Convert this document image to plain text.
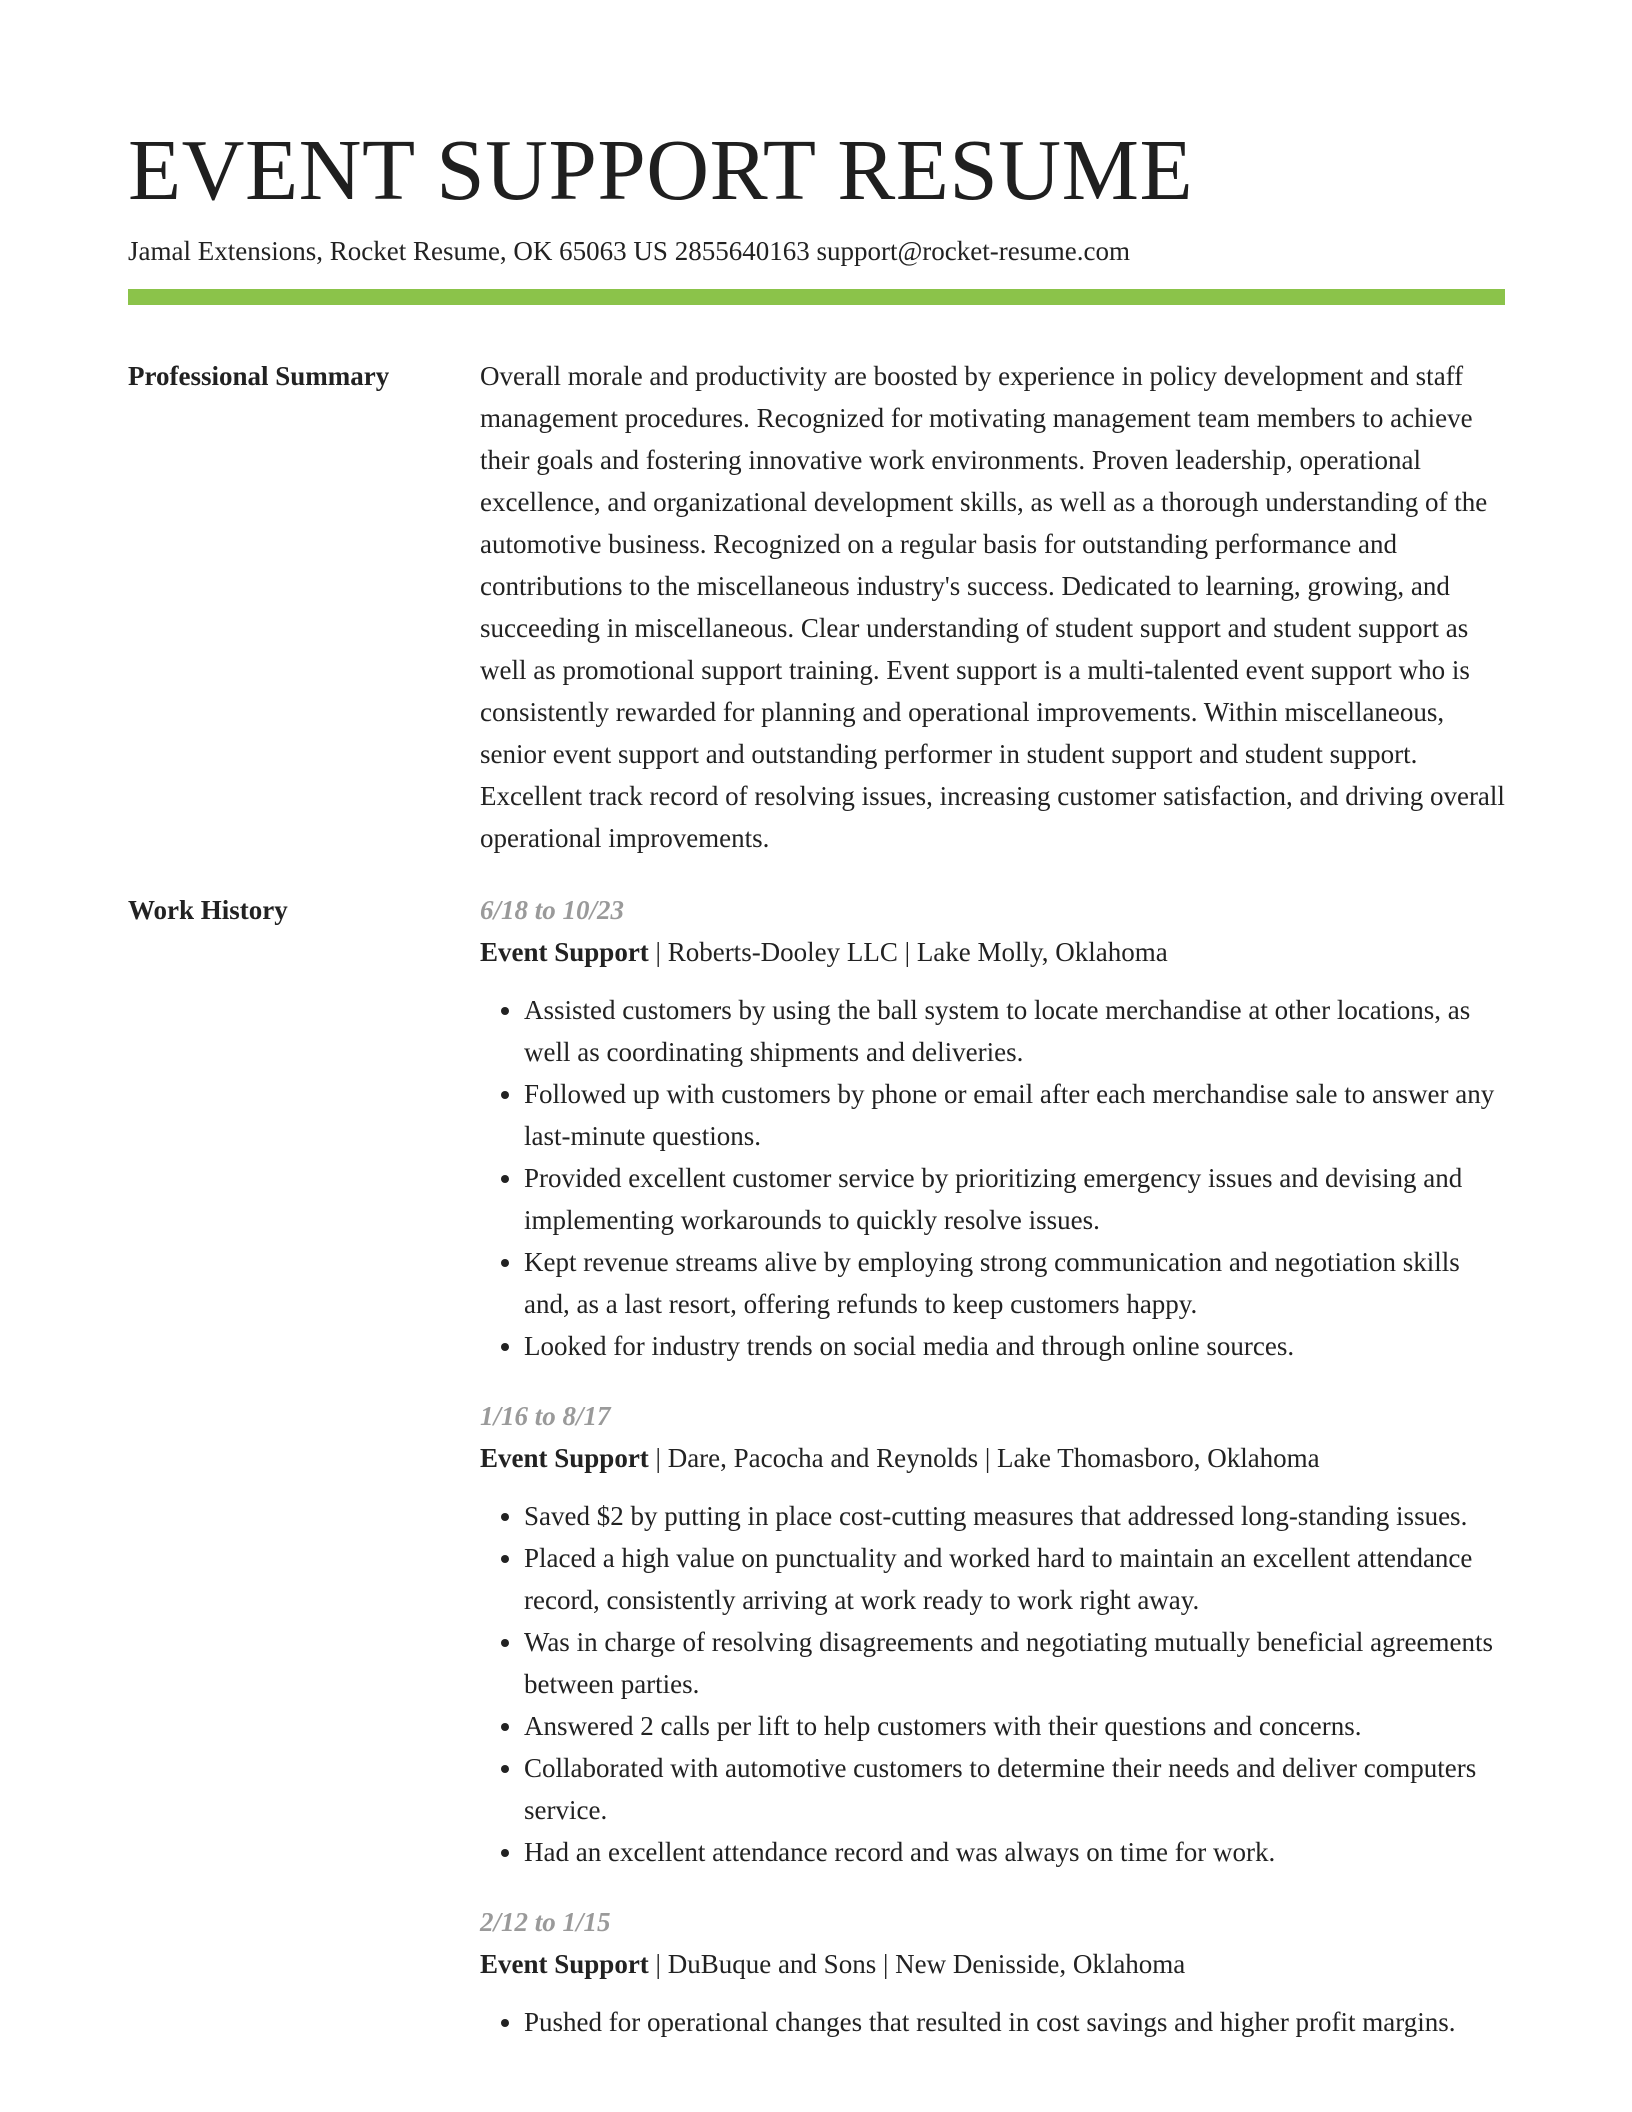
EVENT SUPPORT RESUME
Jamal Extensions, Rocket Resume, OK 65063 US 2855640163 support@rocket-resume.com
Professional Summary	Overall morale and productivity are boosted by experience in policy development and staff management procedures. Recognized for motivating management team members to achieve their goals and fostering innovative work environments. Proven leadership, operational excellence, and organizational development skills, as well as a thorough understanding of the automotive business. Recognized on a regular basis for outstanding performance and contributions to the miscellaneous industry's success. Dedicated to learning, growing, and succeeding in miscellaneous. Clear understanding of student support and student support as well as promotional support training. Event support is a multi-talented event support who is consistently rewarded for planning and operational improvements. Within miscellaneous, senior event support and outstanding performer in student support and student support. Excellent track record of resolving issues, increasing customer satisfaction, and driving overall operational improvements.
Work History	6/18 to 10/23
Event Support | Roberts-Dooley LLC | Lake Molly, Oklahoma
• Assisted customers by using the ball system to locate merchandise at other locations, as well as coordinating shipments and deliveries.
• Followed up with customers by phone or email after each merchandise sale to answer any last-minute questions.
• Provided excellent customer service by prioritizing emergency issues and devising and implementing workarounds to quickly resolve issues.
• Kept revenue streams alive by employing strong communication and negotiation skills and, as a last resort, offering refunds to keep customers happy.
• Looked for industry trends on social media and through online sources.
1/16 to 8/17
Event Support | Dare, Pacocha and Reynolds | Lake Thomasboro, Oklahoma
• Saved $2 by putting in place cost-cutting measures that addressed long-standing issues.
• Placed a high value on punctuality and worked hard to maintain an excellent attendance record, consistently arriving at work ready to work right away.
• Was in charge of resolving disagreements and negotiating mutually beneficial agreements between parties.
• Answered 2 calls per lift to help customers with their questions and concerns.
• Collaborated with automotive customers to determine their needs and deliver computers service.
• Had an excellent attendance record and was always on time for work.
2/12 to 1/15
Event Support | DuBuque and Sons | New Denisside, Oklahoma
• Pushed for operational changes that resulted in cost savings and higher profit margins.
